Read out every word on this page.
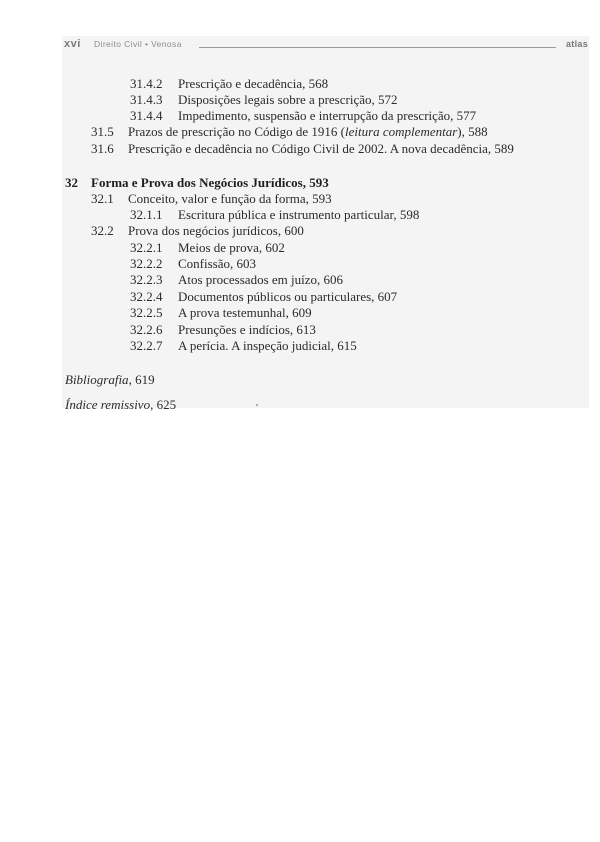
xvi Direito Civil • Venosa	atlas
31.4.2 Prescrição e decadência, 568
31.4.3 Disposições legais sobre a prescrição, 572
31.4.4 Impedimento, suspensão e interrupção da prescrição, 577
31.5 Prazos de prescrição no Código de 1916 (leitura complementar), 588
31.6 Prescrição e decadência no Código Civil de 2002. A nova decadência, 589
32 Forma e Prova dos Negócios Jurídicos, 593
32.1 Conceito, valor e função da forma, 593
32.1.1 Escritura pública e instrumento particular, 598
32.2 Prova dos negócios jurídicos, 600
32.2.1 Meios de prova, 602
32.2.2 Confissão, 603
32.2.3 Atos processados em juízo, 606
32.2.4 Documentos públicos ou particulares, 607
32.2.5 A prova testemunhal, 609
32.2.6 Presunções e indícios, 613
32.2.7 A perícia. A inspeção judicial, 615
Bibliografia, 619
Índice remissivo, 625
